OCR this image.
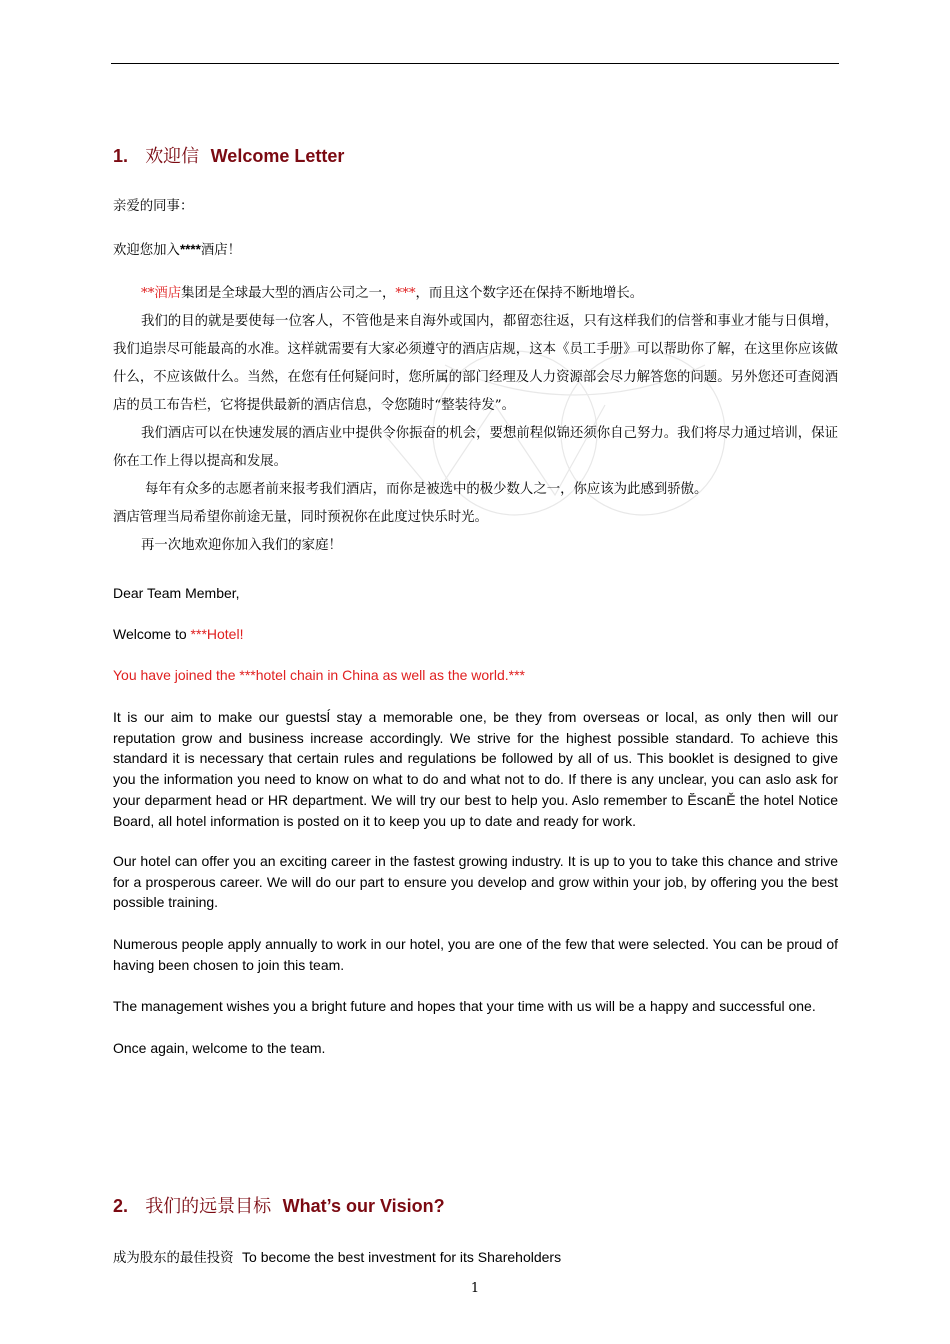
1. 欢迎信 Welcome Letter
亲爱的同事：
欢迎您加入****酒店！
**酒店集团是全球最大型的酒店公司之一，***，而且这个数字还在保持不断地增长。
我们的目的就是要使每一位客人，不管他是来自海外或国内，都留恋往返，只有这样我们的信誉和事业才能与日俱增，我们追崇尽可能最高的水准。这样就需要有大家必须遵守的酒店店规，这本《员工手册》可以帮助你了解，在这里你应该做什么，不应该做什么。当然，在您有任何疑问时，您所属的部门经理及人力资源部会尽力解答您的问题。另外您还可查阅酒店的员工布告栏，它将提供最新的酒店信息，令您随时“整装待发”。
我们酒店可以在快速发展的酒店业中提供令你振奋的机会，要想前程似锦还须你自己努力。我们将尽力通过培训，保证你在工作上得以提高和发展。
每年有众多的志愿者前来报考我们酒店，而你是被选中的极少数人之一，你应该为此感到骄傲。
酒店管理当局希望你前途无量，同时预祝你在此度过快乐时光。
再一次地欢迎你加入我们的家庭！
Dear Team Member,
Welcome to ***Hotel!
You have joined the ***hotel chain in China as well as the world.***
It is our aim to make our guestsĺ stay a memorable one, be they from overseas or local, as only then will our reputation grow and business increase accordingly. We strive for the highest possible standard. To achieve this standard it is necessary that certain rules and regulations be followed by all of us. This booklet is designed to give you the information you need to know on what to do and what not to do. If there is any unclear, you can aslo ask for your deparment head or HR department. We will try our best to help you. Aslo remember to ĔscanĚ the hotel Notice Board, all hotel information is posted on it to keep you up to date and ready for work.
Our hotel can offer you an exciting career in the fastest growing industry. It is up to you to take this chance and strive for a prosperous career. We will do our part to ensure you develop and grow within your job, by offering you the best possible training.
Numerous people apply annually to work in our hotel, you are one of the few that were selected. You can be proud of having been chosen to join this team.
The management wishes you a bright future and hopes that your time with us will be a happy and successful one.
Once again, welcome to the team.
2. 我们的远景目标 What’s our Vision?
成为股东的最佳投资 To become the best investment for its Shareholders
1
